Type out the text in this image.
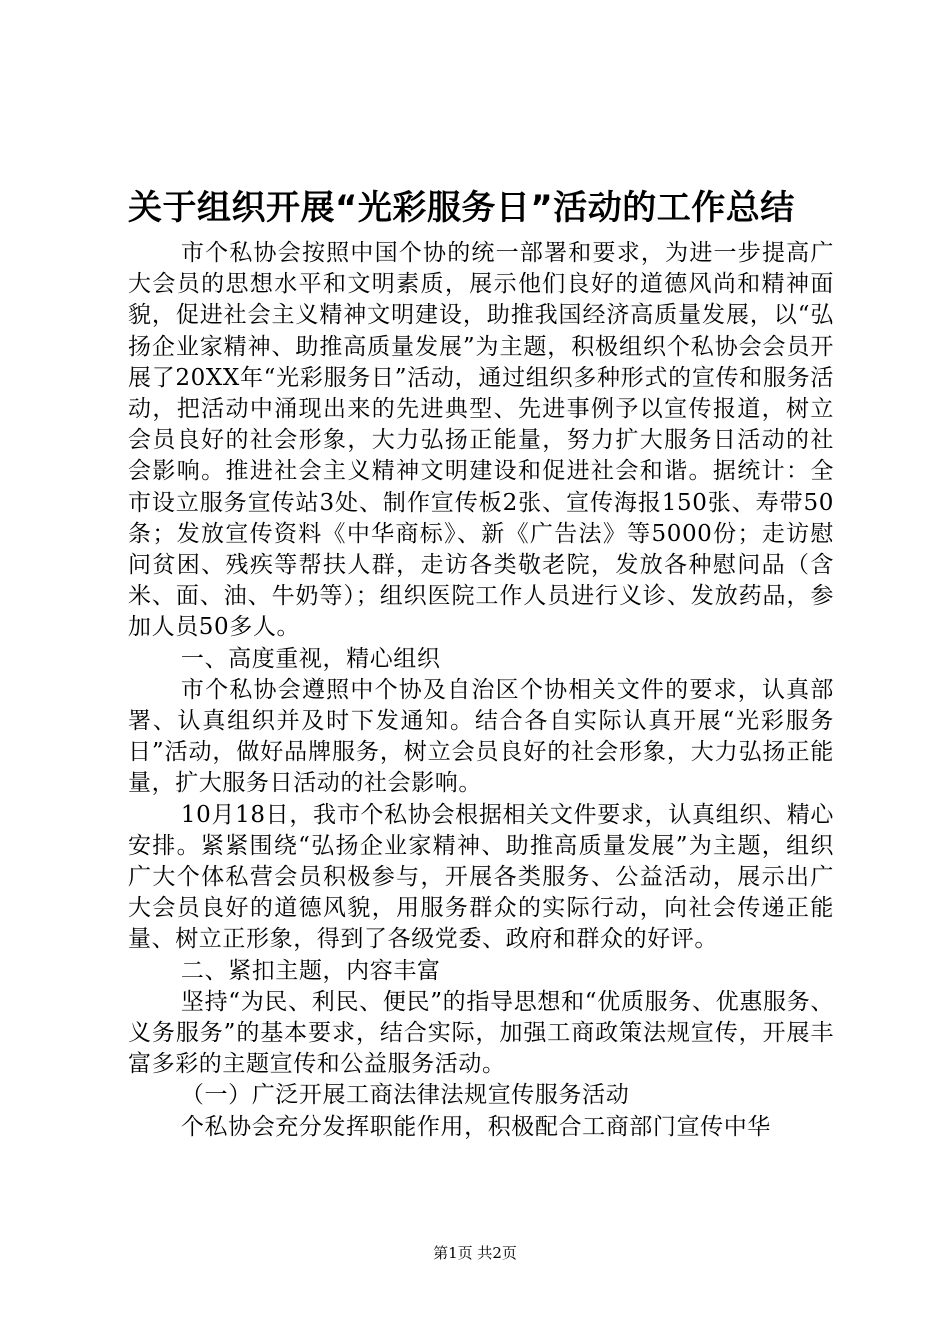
关于组织开展“光彩服务日”活动的工作总结

市个私协会按照中国个协的统一部署和要求，为进一步提高广大会员的思想水平和文明素质，展示他们良好的道德风尚和精神面貌，促进社会主义精神文明建设，助推我国经济高质量发展，以“弘扬企业家精神、助推高质量发展”为主题，积极组织个私协会会员开展了20XX年“光彩服务日”活动，通过组织多种形式的宣传和服务活动，把活动中涌现出来的先进典型、先进事例予以宣传报道，树立会员良好的社会形象，大力弘扬正能量，努力扩大服务日活动的社会影响。推进社会主义精神文明建设和促进社会和谐。据统计：全市设立服务宣传站3处、制作宣传板2张、宣传海报150张、寿带50条；发放宣传资料《中华商标》、新《广告法》等5000份；走访慰问贫困、残疾等帮扶人群，走访各类敬老院，发放各种慰问品（含米、面、油、牛奶等）；组织医院工作人员进行义诊、发放药品，参加人员50多人。

一、高度重视，精心组织

市个私协会遵照中个协及自治区个协相关文件的要求，认真部署、认真组织并及时下发通知。结合各自实际认真开展“光彩服务日”活动，做好品牌服务，树立会员良好的社会形象，大力弘扬正能量，扩大服务日活动的社会影响。

10月18日，我市个私协会根据相关文件要求，认真组织、精心安排。紧紧围绕“弘扬企业家精神、助推高质量发展”为主题，组织广大个体私营会员积极参与，开展各类服务、公益活动，展示出广大会员良好的道德风貌，用服务群众的实际行动，向社会传递正能量、树立正形象，得到了各级党委、政府和群众的好评。

二、紧扣主题，内容丰富

坚持“为民、利民、便民”的指导思想和“优质服务、优惠服务、义务服务”的基本要求，结合实际，加强工商政策法规宣传，开展丰富多彩的主题宣传和公益服务活动。

（一）广泛开展工商法律法规宣传服务活动

个私协会充分发挥职能作用，积极配合工商部门宣传中华

第1页 共2页
